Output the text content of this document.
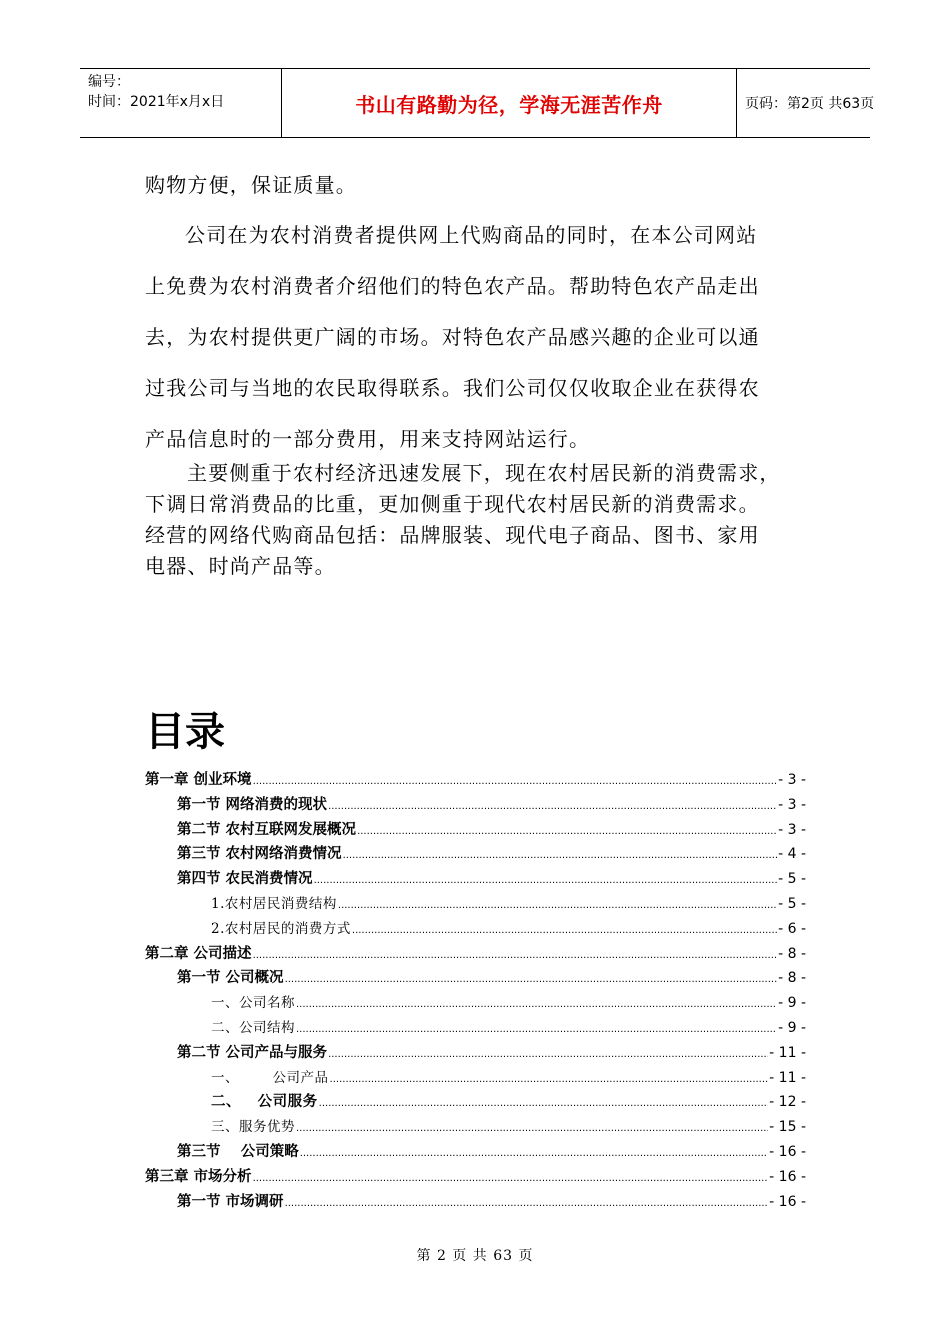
编号：
时间：2021年x月x日	书山有路勤为径，学海无涯苦作舟	页码：第2页 共63页
购物方便，保证质量。
公司在为农村消费者提供网上代购商品的同时，在本公司网站
上免费为农村消费者介绍他们的特色农产品。帮助特色农产品走出
去，为农村提供更广阔的市场。对特色农产品感兴趣的企业可以通
过我公司与当地的农民取得联系。我们公司仅仅收取企业在获得农
产品信息时的一部分费用，用来支持网站运行。
主要侧重于农村经济迅速发展下，现在农村居民新的消费需求，
下调日常消费品的比重，更加侧重于现代农村居民新的消费需求。
经营的网络代购商品包括：品牌服装、现代电子商品、图书、家用
电器、时尚产品等。
目录
第一章 创业环境 .....	- 3 -
第一节 网络消费的现状 .....	- 3 -
第二节 农村互联网发展概况 .....	- 3 -
第三节 农村网络消费情况 .....	- 4 -
第四节 农民消费情况 .....	- 5 -
1.农村居民消费结构 .....	- 5 -
2.农村居民的消费方式 .....	- 6 -
第二章 公司描述 .....	- 8 -
第一节 公司概况 .....	- 8 -
一、公司名称 .....	- 9 -
二、公司结构 .....	- 9 -
第二节 公司产品与服务 .....	- 11 -
一、       公司产品 .....	- 11 -
二、   公司服务 .....	- 12 -
三、服务优势 .....	- 15 -
第三节    公司策略 .....	- 16 -
第三章 市场分析 .....	- 16 -
第一节 市场调研 .....	- 16 -
第 2 页 共 63 页
